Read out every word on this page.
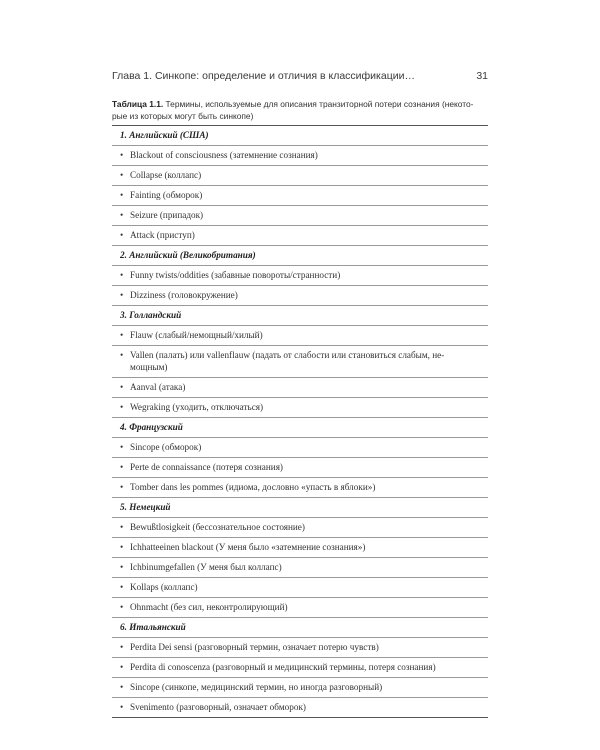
Глава 1. Синкопе: определение и отличия в классификации…	31
Таблица 1.1. Термины, используемые для описания транзиторной потери сознания (некото-
рые из которых могут быть синкопе)
1. Английский (США)
• Blackout of consciousness (затемнение сознания)
• Collapse (коллапс)
• Fainting (обморок)
• Seizure (припадок)
• Attack (приступ)
2. Английский (Великобритания)
• Funny twists/oddities (забавные повороты/странности)
• Dizziness (головокружение)
3. Голландский
• Flauw (слабый/немощный/хилый)
• Vallen (палать) или vallenflauw (падать от слабости или становиться слабым, не-
мощным)
• Aanval (атака)
• Wegraking (уходить, отключаться)
4. Французский
• Sincope (обморок)
• Perte de connaissance (потеря сознания)
• Tomber dans les pommes (идиома, дословно «упасть в яблоки»)
5. Немецкий
• Bewußtlosigkeit (бессознательное состояние)
• Ichhatteeinen blackout (У меня было «затемнение сознания»)
• Ichbinumgefallen (У меня был коллапс)
• Kollaps (коллапс)
• Ohnmacht (без сил, неконтролирующий)
6. Итальянский
• Perdita Dei sensi (разговорный термин, означает потерю чувств)
• Perdita di conoscenza (разговорный и медицинский термины, потеря сознания)
• Sincope (синкопе, медицинский термин, но иногда разговорный)
• Svenimento (разговорный, означает обморок)
